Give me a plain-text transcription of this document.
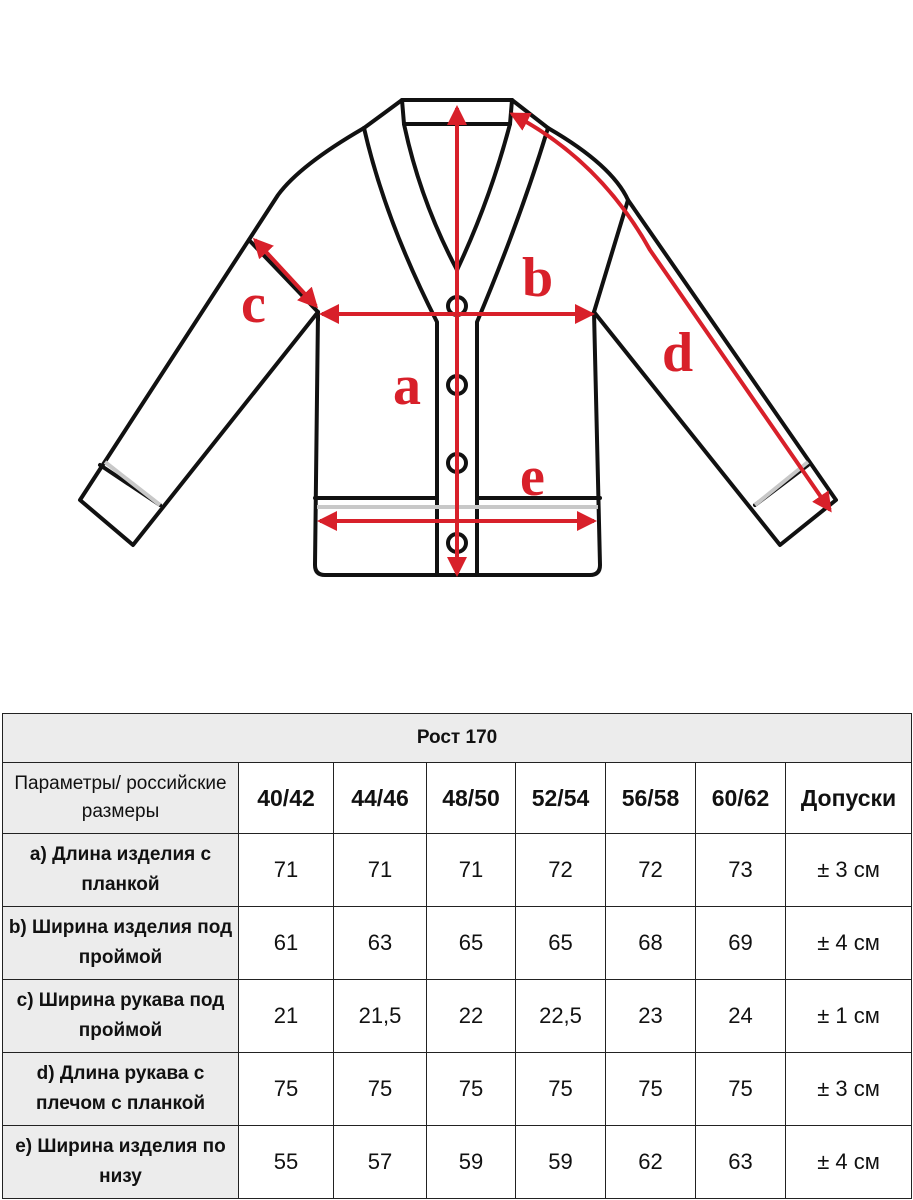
a
b
c
d
e
Рост 170							
Параметры/ российские размеры	40/42	44/46	48/50	52/54	56/58	60/62	Допуски
a) Длина изделия с планкой	71	71	71	72	72	73	± 3 см
b) Ширина изделия под проймой	61	63	65	65	68	69	± 4 см
c) Ширина рукава под проймой	21	21,5	22	22,5	23	24	± 1 см
d) Длина рукава с плечом с планкой	75	75	75	75	75	75	± 3 см
e) Ширина изделия по низу	55	57	59	59	62	63	± 4 см
